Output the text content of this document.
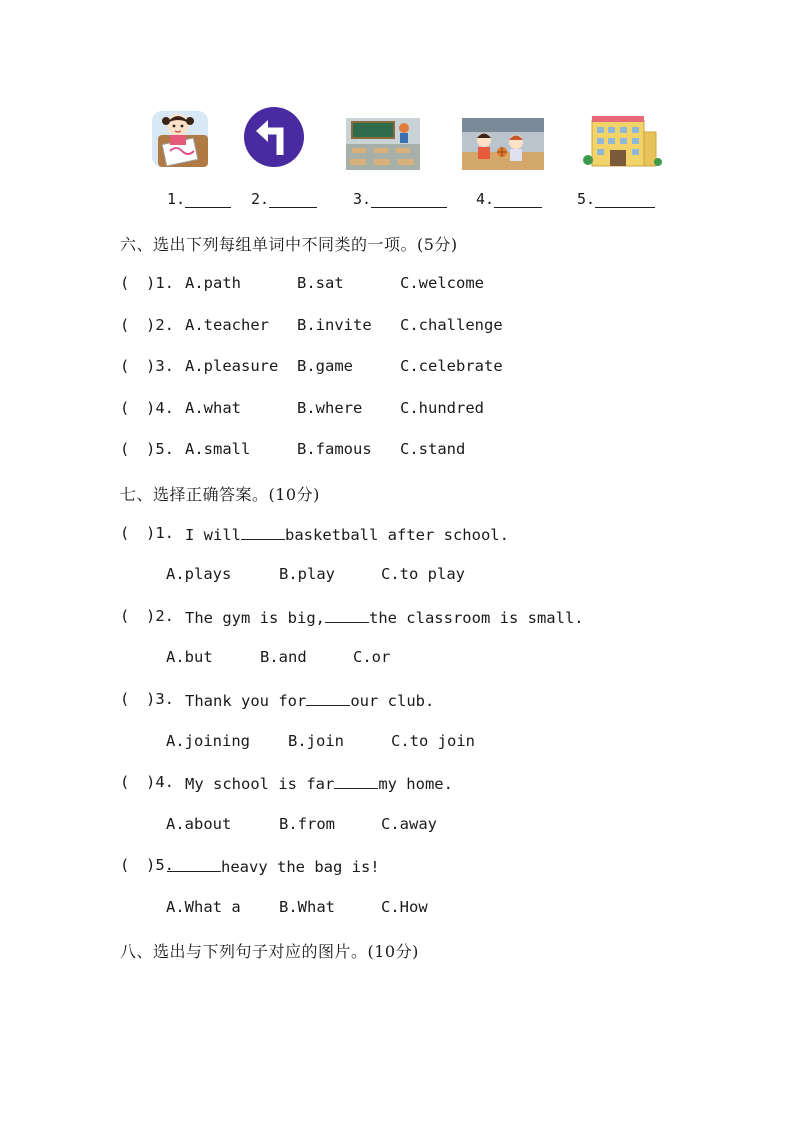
1.	2.	3.	4.	5.
六、选出下列每组单词中不同类的一项。(5分)
( )1. A.path	B.sat	C.welcome
( )2. A.teacher B.invite C.challenge
( )3. A.pleasure B.game	C.celebrate
( )4. A.what	B.where C.hundred
( )5. A.small	B.famous C.stand
七、选择正确答案。(10分)
( )1. I will	basketball after school.
A.plays	B.play	C.to play
( )2. The gym is big,	the classroom is small.
A.but	B.and	C.or
( )3. Thank you for	our club.
A.joining B.join	C.to join
( )4. My school is far	my home.
A.about	B.from	C.away
( )5.	heavy the bag is!
A.What a B.What	C.How
八、选出与下列句子对应的图片。(10分)
